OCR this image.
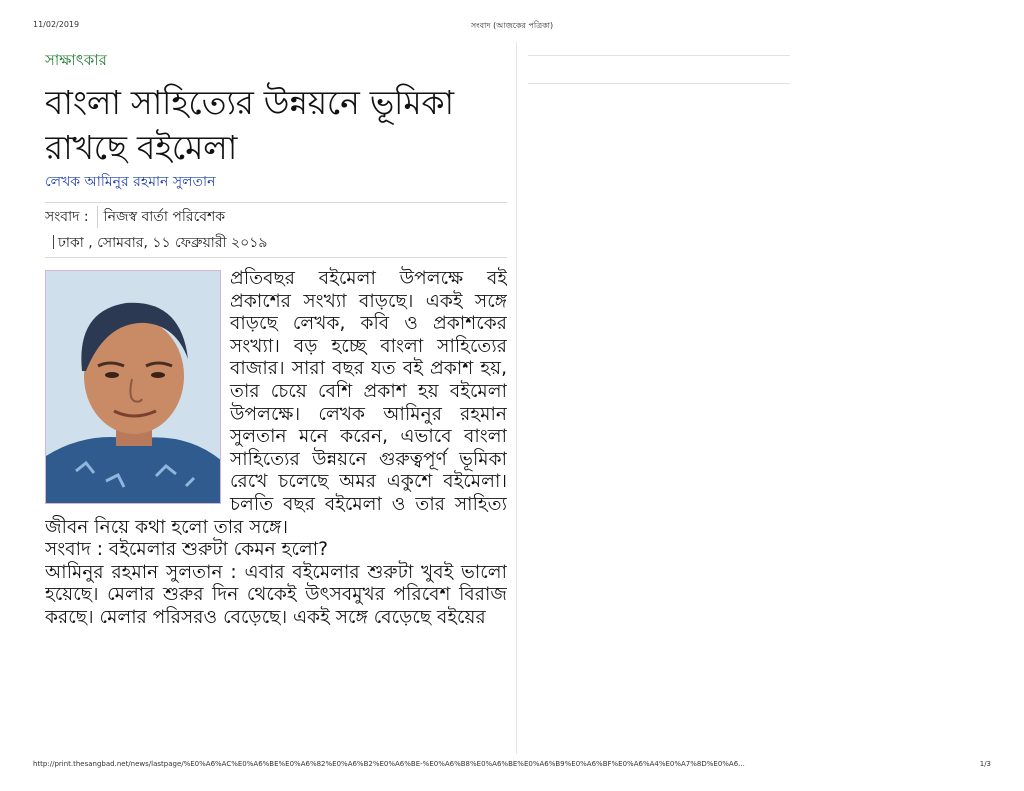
11/02/2019	সংবাদ (আজকের পত্রিকা)
সাক্ষাৎকার
বাংলা সাহিত্যের উন্নয়নে ভূমিকা রাখছে বইমেলা
লেখক আমিনুর রহমান সুলতান
সংবাদ :	নিজস্ব বার্তা পরিবেশক
ঢাকা , সোমবার, ১১ ফেব্রুয়ারী ২০১৯

প্রতিবছর বইমেলা উপলক্ষে বই প্রকাশের সংখ্যা বাড়ছে। একই সঙ্গে বাড়ছে লেখক, কবি ও প্রকাশকের সংখ্যা। বড় হচ্ছে বাংলা সাহিত্যের বাজার। সারা বছর যত বই প্রকাশ হয়, তার চেয়ে বেশি প্রকাশ হয় বইমেলা উপলক্ষে। লেখক আমিনুর রহমান সুলতান মনে করেন, এভাবে বাংলা সাহিত্যের উন্নয়নে গুরুত্বপূর্ণ ভূমিকা রেখে চলেছে অমর একুশে বইমেলা। চলতি বছর বইমেলা ও তার সাহিত্য জীবন নিয়ে কথা হলো তার সঙ্গে।

সংবাদ : বইমেলার শুরুটা কেমন হলো?

আমিনুর রহমান সুলতান : এবার বইমেলার শুরুটা খুবই ভালো হয়েছে। মেলার শুরুর দিন থেকেই উৎসবমুখর পরিবেশ বিরাজ করছে। মেলার পরিসরও বেড়েছে। একই সঙ্গে বেড়েছে বইয়ের

http://print.thesangbad.net/news/lastpage/%E0%A6%AC%E0%A6%BE%E0%A6%82%E0%A6%B2%E0%A6%BE-%E0%A6%B8%E0%A6%BE%E0%A6%B9%E0%A6%BF%E0%A6%A4%E0%A7%8D%E0%A6...	1/3
